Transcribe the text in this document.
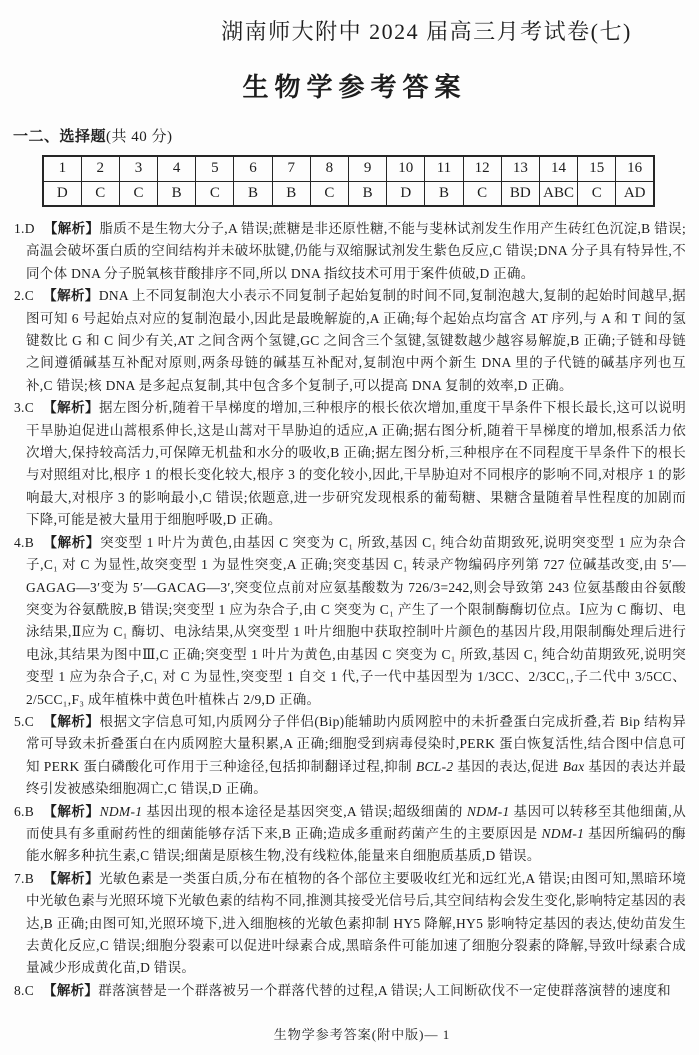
湖南师大附中 2024 届高三月考试卷(七)
生物学参考答案
一二、选择题(共 40 分)
1	2	3	4	5	6	7	8	9	10	11	12	13	14	15	16
D	C	C	B	C	B	B	C	B	D	B	C	BD	ABC	C	AD
1.D 【解析】脂质不是生物大分子,A 错误;蔗糖是非还原性糖,不能与斐林试剂发生作用产生砖红色沉淀,B 错误;高温会破坏蛋白质的空间结构并未破坏肽键,仍能与双缩脲试剂发生紫色反应,C 错误;DNA 分子具有特异性,不同个体 DNA 分子脱氧核苷酸排序不同,所以 DNA 指纹技术可用于案件侦破,D 正确。
2.C 【解析】DNA 上不同复制泡大小表示不同复制子起始复制的时间不同,复制泡越大,复制的起始时间越早,据图可知 6 号起始点对应的复制泡最小,因此是最晚解旋的,A 正确;每个起始点均富含 AT 序列,与 A 和 T 间的氢键数比 G 和 C 间少有关,AT 之间含两个氢键,GC 之间含三个氢键,氢键数越少越容易解旋,B 正确;子链和母链之间遵循碱基互补配对原则,两条母链的碱基互补配对,复制泡中两个新生 DNA 里的子代链的碱基序列也互补,C 错误;核 DNA 是多起点复制,其中包含多个复制子,可以提高 DNA 复制的效率,D 正确。
3.C 【解析】据左图分析,随着干旱梯度的增加,三种根序的根长依次增加,重度干旱条件下根长最长,这可以说明干旱胁迫促进山蒿根系伸长,这是山蒿对干旱胁迫的适应,A 正确;据右图分析,随着干旱梯度的增加,根系活力依次增大,保持较高活力,可保障无机盐和水分的吸收,B 正确;据左图分析,三种根序在不同程度干旱条件下的根长与对照组对比,根序 1 的根长变化较大,根序 3 的变化较小,因此,干旱胁迫对不同根序的影响不同,对根序 1 的影响最大,对根序 3 的影响最小,C 错误;依题意,进一步研究发现根系的葡萄糖、果糖含量随着旱性程度的加剧而下降,可能是被大量用于细胞呼吸,D 正确。
4.B 【解析】突变型 1 叶片为黄色,由基因 C 突变为 C₁ 所致,基因 C₁ 纯合幼苗期致死,说明突变型 1 应为杂合子,C₁ 对 C 为显性,故突变型 1 为显性突变,A 正确;突变基因 C₁ 转录产物编码序列第 727 位碱基改变,由 5′—GAGAG—3′变为 5′—GACAG—3′,突变位点前对应氨基酸数为 726/3=242,则会导致第 243 位氨基酸由谷氨酸突变为谷氨酰胺,B 错误;突变型 1 应为杂合子,由 C 突变为 C₁ 产生了一个限制酶酶切位点。Ⅰ应为 C 酶切、电泳结果,Ⅱ应为 C₁ 酶切、电泳结果,从突变型 1 叶片细胞中获取控制叶片颜色的基因片段,用限制酶处理后进行电泳,其结果为图中Ⅲ,C 正确;突变型 1 叶片为黄色,由基因 C 突变为 C₁ 所致,基因 C₁ 纯合幼苗期致死,说明突变型 1 应为杂合子,C₁ 对 C 为显性,突变型 1 自交 1 代,子一代中基因型为 1/3CC、2/3CC₁,子二代中 3/5CC、2/5CC₁,F₃ 成年植株中黄色叶植株占 2/9,D 正确。
5.C 【解析】根据文字信息可知,内质网分子伴侣(Bip)能辅助内质网腔中的未折叠蛋白完成折叠,若 Bip 结构异常可导致未折叠蛋白在内质网腔大量积累,A 正确;细胞受到病毒侵染时,PERK 蛋白恢复活性,结合图中信息可知 PERK 蛋白磷酸化可作用于三种途径,包括抑制翻译过程,抑制 BCL-2 基因的表达,促进 Bax 基因的表达并最终引发被感染细胞凋亡,C 错误,D 正确。
6.B 【解析】NDM-1 基因出现的根本途径是基因突变,A 错误;超级细菌的 NDM-1 基因可以转移至其他细菌,从而使具有多重耐药性的细菌能够存活下来,B 正确;造成多重耐药菌产生的主要原因是 NDM-1 基因所编码的酶能水解多种抗生素,C 错误;细菌是原核生物,没有线粒体,能量来自细胞质基质,D 错误。
7.B 【解析】光敏色素是一类蛋白质,分布在植物的各个部位主要吸收红光和远红光,A 错误;由图可知,黑暗环境中光敏色素与光照环境下光敏色素的结构不同,推测其接受光信号后,其空间结构会发生变化,影响特定基因的表达,B 正确;由图可知,光照环境下,进入细胞核的光敏色素抑制 HY5 降解,HY5 影响特定基因的表达,使幼苗发生去黄化反应,C 错误;细胞分裂素可以促进叶绿素合成,黑暗条件可能加速了细胞分裂素的降解,导致叶绿素合成量减少形成黄化苗,D 错误。
8.C 【解析】群落演替是一个群落被另一个群落代替的过程,A 错误;人工间断砍伐不一定使群落演替的速度和
生物学参考答案(附中版)— 1
